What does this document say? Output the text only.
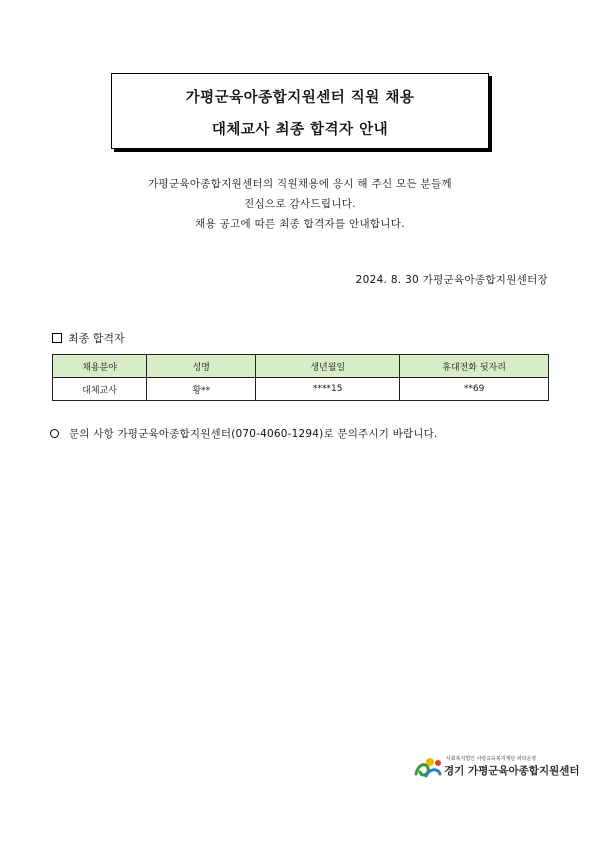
가평군육아종합지원센터 직원 채용
대체교사 최종 합격자 안내
가평군육아종합지원센터의 직원채용에 응시 해 주신 모든 분들께
진심으로 감사드립니다.
채용 공고에 따른 최종 합격자를 안내합니다.
2024. 8. 30 가평군육아종합지원센터장
최종 합격자
채용분야	성명	생년월일	휴대전화 뒷자리
대체교사	황**	****15	**69
문의 사항 가평군육아종합지원센터(070-4060-1294)로 문의주시기 바랍니다.
사회복지법인 사랑교육복지재단 위탁운영
경기 가평군육아종합지원센터
